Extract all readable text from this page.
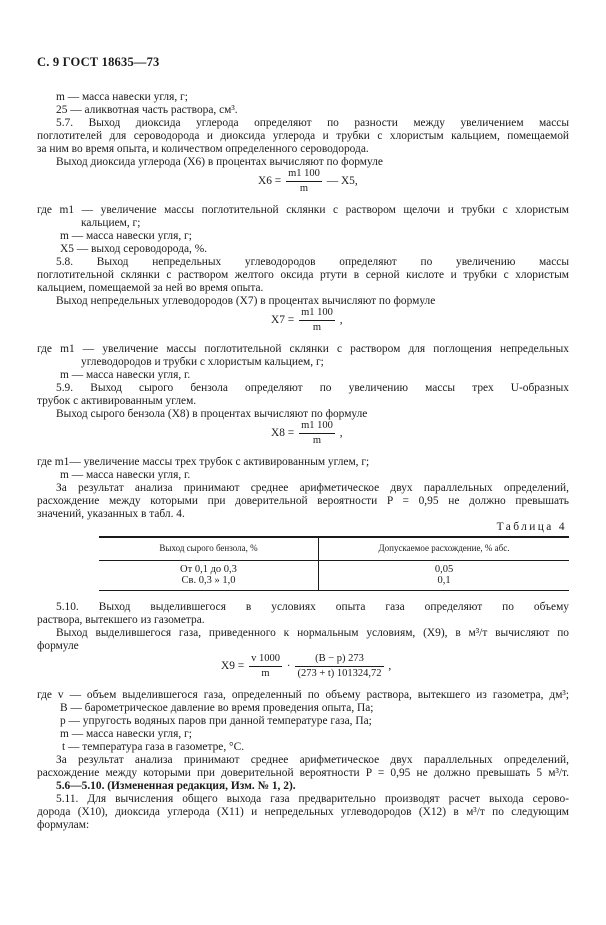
С. 9 ГОСТ 18635—73
m — масса навески угля, г;
25 — аликвотная часть раствора, см³.
5.7. Выход диоксида углерода определяют по разности между увеличением массы
поглотителей для сероводорода и диоксида углерода и трубки с хлористым кальцием, помещаемой
за ним во время опыта, и количеством определенного сероводорода.
Выход диоксида углерода (X6) в процентах вычисляют по формуле
$X6 = \frac{m1 100}{m}$ — X5,
где m1 — увеличение массы поглотительной склянки с раствором щелочи и трубки с хлористым
кальцием, г;
m — масса навески угля, г;
X5 — выход сероводорода, %.
5.8. Выход непредельных углеводородов определяют по увеличению массы
поглотительной склянки с раствором желтого оксида ртути в серной кислоте и трубки с хлористым
кальцием, помещаемой за ней во время опыта.
Выход непредельных углеводородов (X7) в процентах вычисляют по формуле
$X7 = \frac{m1 100}{m}$ ,
где m1 — увеличение массы поглотительной склянки с раствором для поглощения непредельных
углеводородов и трубки с хлористым кальцием, г;
m — масса навески угля, г.
5.9. Выход сырого бензола определяют по увеличению массы трех U-образных
трубок с активированным углем.
Выход сырого бензола (X8) в процентах вычисляют по формуле
$X8 = \frac{m1 100}{m}$ ,
где m1— увеличение массы трех трубок с активированным углем, г;
m — масса навески угля, г.
За результат анализа принимают среднее арифметическое двух параллельных определений,
расхождение между которыми при доверительной вероятности P = 0,95 не должно превышать
значений, указанных в табл. 4.
Таблица 4
Выход сырого бензола, %	Допускаемое расхождение, % абс.
От 0,1 до 0,3	0,05
Св. 0,3 » 1,0	0,1
5.10. Выход выделившегося в условиях опыта газа определяют по объему
раствора, вытекшего из газометра.
Выход выделившегося газа, приведенного к нормальным условиям, (X9), в м³/т вычисляют по
формуле
$X9 = \frac{v 1000}{m} \cdot \frac{(B - p) 273}{(273 + t) 101324,72}$ ,
где v — объем выделившегося газа, определенный по объему раствора, вытекшего из газометра, дм³;
B — барометрическое давление во время проведения опыта, Па;
p — упругость водяных паров при данной температуре газа, Па;
m — масса навески угля, г;
t — температура газа в газометре, °С.
За результат анализа принимают среднее арифметическое двух параллельных определений,
расхождение между которыми при доверительной вероятности P = 0,95 не должно превышать 5 м³/т.
5.6—5.10. (Измененная редакция, Изм. № 1, 2).
5.11. Для вычисления общего выхода газа предварительно производят расчет выхода серово-
дорода (X10), диоксида углерода (X11) и непредельных углеводородов (X12) в м³/т по следующим
формулам:
